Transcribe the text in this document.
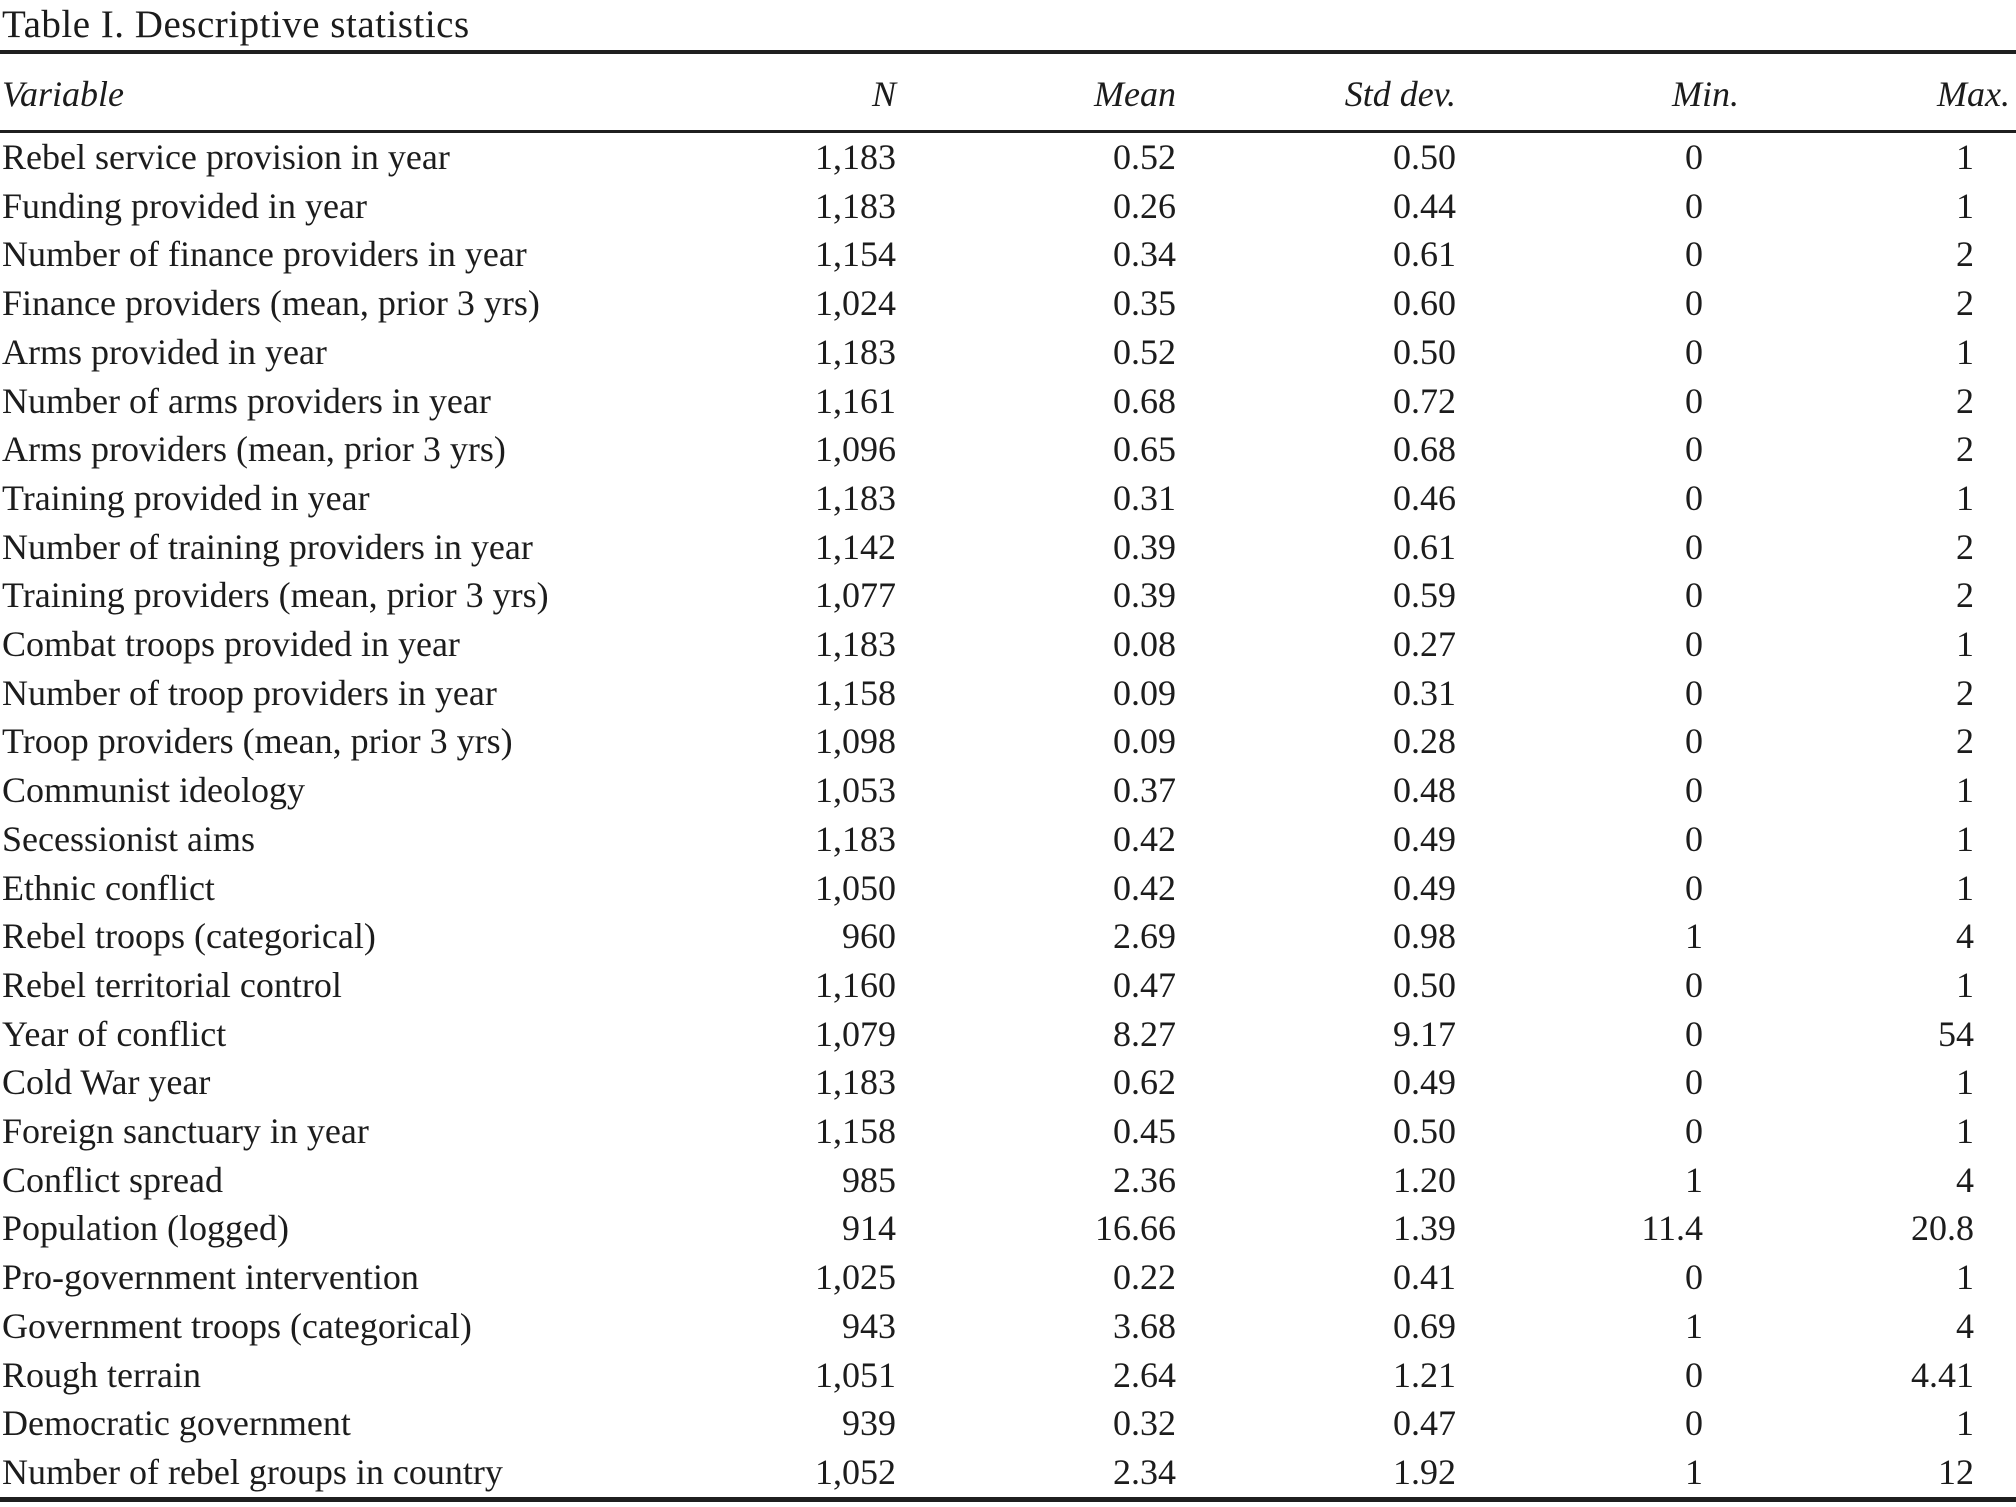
Table I. Descriptive statistics
Variable	N	Mean	Std dev.	Min.	Max.
Rebel service provision in year	1,183	0.52	0.50	0	1
Funding provided in year	1,183	0.26	0.44	0	1
Number of finance providers in year	1,154	0.34	0.61	0	2
Finance providers (mean, prior 3 yrs)	1,024	0.35	0.60	0	2
Arms provided in year	1,183	0.52	0.50	0	1
Number of arms providers in year	1,161	0.68	0.72	0	2
Arms providers (mean, prior 3 yrs)	1,096	0.65	0.68	0	2
Training provided in year	1,183	0.31	0.46	0	1
Number of training providers in year	1,142	0.39	0.61	0	2
Training providers (mean, prior 3 yrs)	1,077	0.39	0.59	0	2
Combat troops provided in year	1,183	0.08	0.27	0	1
Number of troop providers in year	1,158	0.09	0.31	0	2
Troop providers (mean, prior 3 yrs)	1,098	0.09	0.28	0	2
Communist ideology	1,053	0.37	0.48	0	1
Secessionist aims	1,183	0.42	0.49	0	1
Ethnic conflict	1,050	0.42	0.49	0	1
Rebel troops (categorical)	960	2.69	0.98	1	4
Rebel territorial control	1,160	0.47	0.50	0	1
Year of conflict	1,079	8.27	9.17	0	54
Cold War year	1,183	0.62	0.49	0	1
Foreign sanctuary in year	1,158	0.45	0.50	0	1
Conflict spread	985	2.36	1.20	1	4
Population (logged)	914	16.66	1.39	11.4	20.8
Pro-government intervention	1,025	0.22	0.41	0	1
Government troops (categorical)	943	3.68	0.69	1	4
Rough terrain	1,051	2.64	1.21	0	4.41
Democratic government	939	0.32	0.47	0	1
Number of rebel groups in country	1,052	2.34	1.92	1	12
